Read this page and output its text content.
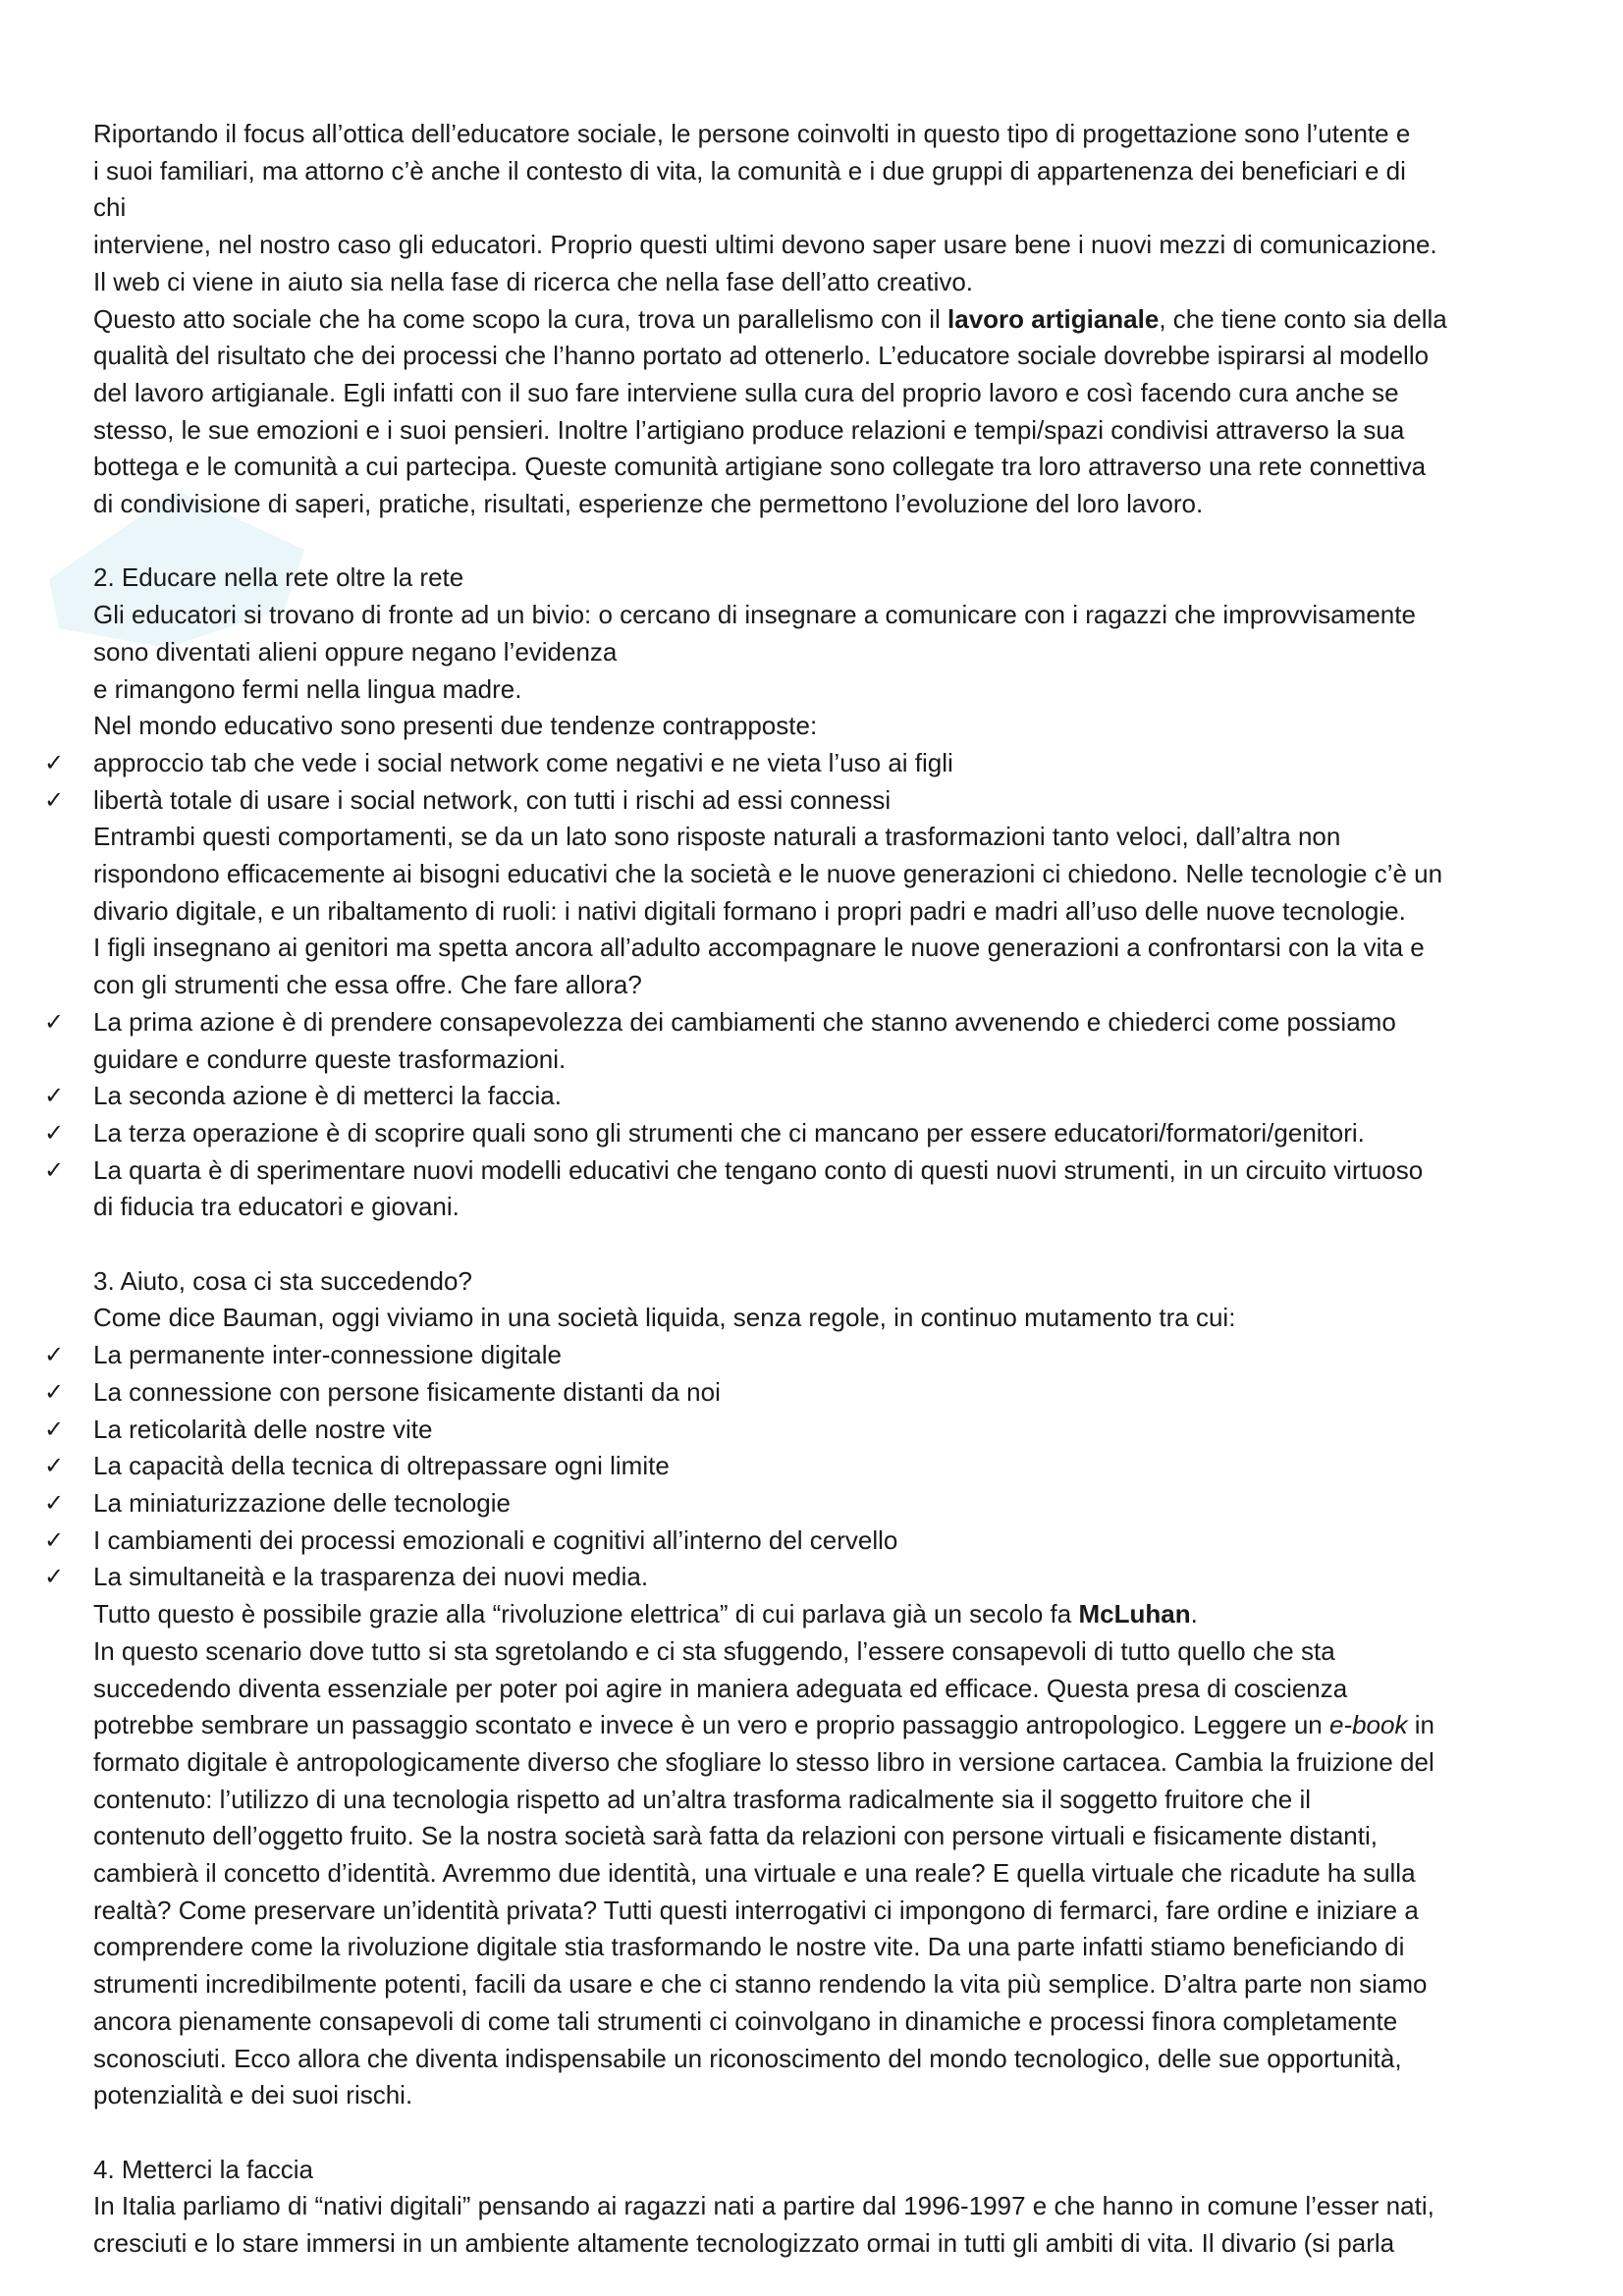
Riportando il focus all’ottica dell’educatore sociale, le persone coinvolti in questo tipo di progettazione sono l’utente e
i suoi familiari, ma attorno c’è anche il contesto di vita, la comunità e i due gruppi di appartenenza dei beneficiari e di
chi
interviene, nel nostro caso gli educatori. Proprio questi ultimi devono saper usare bene i nuovi mezzi di comunicazione.
Il web ci viene in aiuto sia nella fase di ricerca che nella fase dell’atto creativo.
Questo atto sociale che ha come scopo la cura, trova un parallelismo con il lavoro artigianale, che tiene conto sia della
qualità del risultato che dei processi che l’hanno portato ad ottenerlo. L’educatore sociale dovrebbe ispirarsi al modello
del lavoro artigianale. Egli infatti con il suo fare interviene sulla cura del proprio lavoro e così facendo cura anche se
stesso, le sue emozioni e i suoi pensieri. Inoltre l’artigiano produce relazioni e tempi/spazi condivisi attraverso la sua
bottega e le comunità a cui partecipa. Queste comunità artigiane sono collegate tra loro attraverso una rete connettiva
di condivisione di saperi, pratiche, risultati, esperienze che permettono l’evoluzione del loro lavoro.
2. Educare nella rete oltre la rete
Gli educatori si trovano di fronte ad un bivio: o cercano di insegnare a comunicare con i ragazzi che improvvisamente
sono diventati alieni oppure negano l’evidenza
e rimangono fermi nella lingua madre.
Nel mondo educativo sono presenti due tendenze contrapposte:
✓ approccio tab che vede i social network come negativi e ne vieta l’uso ai figli
✓ libertà totale di usare i social network, con tutti i rischi ad essi connessi
Entrambi questi comportamenti, se da un lato sono risposte naturali a trasformazioni tanto veloci, dall’altra non
rispondono efficacemente ai bisogni educativi che la società e le nuove generazioni ci chiedono. Nelle tecnologie c’è un
divario digitale, e un ribaltamento di ruoli: i nativi digitali formano i propri padri e madri all’uso delle nuove tecnologie.
I figli insegnano ai genitori ma spetta ancora all’adulto accompagnare le nuove generazioni a confrontarsi con la vita e
con gli strumenti che essa offre. Che fare allora?
✓ La prima azione è di prendere consapevolezza dei cambiamenti che stanno avvenendo e chiederci come possiamo
guidare e condurre queste trasformazioni.
✓ La seconda azione è di metterci la faccia.
✓ La terza operazione è di scoprire quali sono gli strumenti che ci mancano per essere educatori/formatori/genitori.
✓ La quarta è di sperimentare nuovi modelli educativi che tengano conto di questi nuovi strumenti, in un circuito virtuoso
di fiducia tra educatori e giovani.
3. Aiuto, cosa ci sta succedendo?
Come dice Bauman, oggi viviamo in una società liquida, senza regole, in continuo mutamento tra cui:
✓ La permanente inter-connessione digitale
✓ La connessione con persone fisicamente distanti da noi
✓ La reticolarità delle nostre vite
✓ La capacità della tecnica di oltrepassare ogni limite
✓ La miniaturizzazione delle tecnologie
✓ I cambiamenti dei processi emozionali e cognitivi all’interno del cervello
✓ La simultaneità e la trasparenza dei nuovi media.
Tutto questo è possibile grazie alla “rivoluzione elettrica” di cui parlava già un secolo fa McLuhan.
In questo scenario dove tutto si sta sgretolando e ci sta sfuggendo, l’essere consapevoli di tutto quello che sta
succedendo diventa essenziale per poter poi agire in maniera adeguata ed efficace. Questa presa di coscienza
potrebbe sembrare un passaggio scontato e invece è un vero e proprio passaggio antropologico. Leggere un e-book in
formato digitale è antropologicamente diverso che sfogliare lo stesso libro in versione cartacea. Cambia la fruizione del
contenuto: l’utilizzo di una tecnologia rispetto ad un’altra trasforma radicalmente sia il soggetto fruitore che il
contenuto dell’oggetto fruito. Se la nostra società sarà fatta da relazioni con persone virtuali e fisicamente distanti,
cambierà il concetto d’identità. Avremmo due identità, una virtuale e una reale? E quella virtuale che ricadute ha sulla
realtà? Come preservare un’identità privata? Tutti questi interrogativi ci impongono di fermarci, fare ordine e iniziare a
comprendere come la rivoluzione digitale stia trasformando le nostre vite. Da una parte infatti stiamo beneficiando di
strumenti incredibilmente potenti, facili da usare e che ci stanno rendendo la vita più semplice. D’altra parte non siamo
ancora pienamente consapevoli di come tali strumenti ci coinvolgano in dinamiche e processi finora completamente
sconosciuti. Ecco allora che diventa indispensabile un riconoscimento del mondo tecnologico, delle sue opportunità,
potenzialità e dei suoi rischi.
4. Metterci la faccia
In Italia parliamo di “nativi digitali” pensando ai ragazzi nati a partire dal 1996-1997 e che hanno in comune l’esser nati,
cresciuti e lo stare immersi in un ambiente altamente tecnologizzato ormai in tutti gli ambiti di vita. Il divario (si parla
